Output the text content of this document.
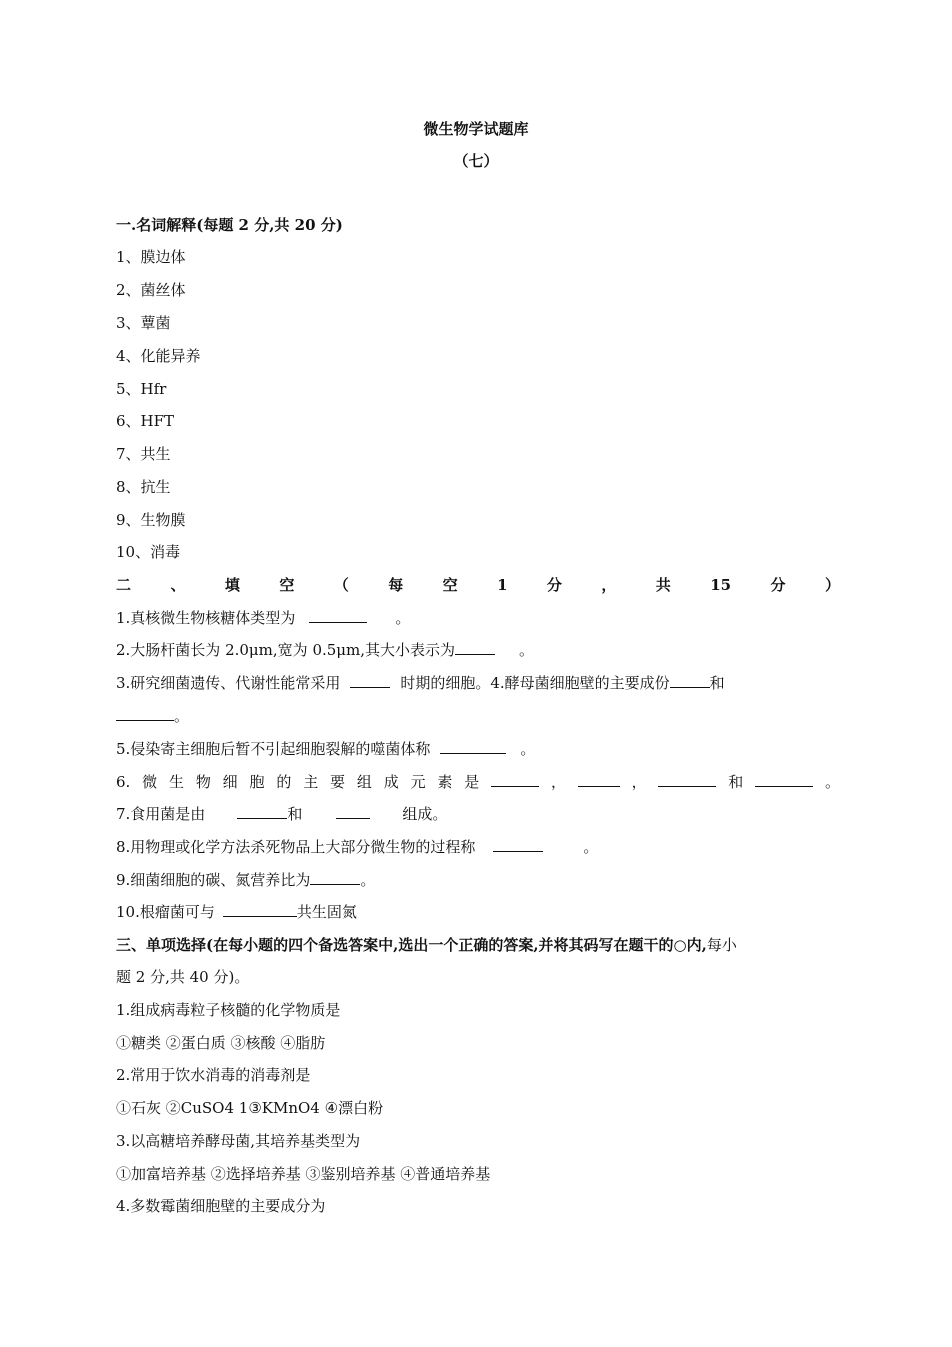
微生物学试题库
（七）
一.名词解释(每题 2 分,共 20 分)
1、膜边体
2、菌丝体
3、蕈菌
4、化能异养
5、Hfr
6、HFT
7、共生
8、抗生
9、生物膜
10、消毒
二	、	填	空	（	每	空	1	分	，	共	15	分	）
1.真核微生物核糖体类型为	。
2.大肠杆菌长为 2.0μm,宽为 0.5μm,其大小表示为	。
3.研究细菌遗传、代谢性能常采用	时期的细胞。4.酵母菌细胞壁的主要成份	和
。
5.侵染寄主细胞后暂不引起细胞裂解的噬菌体称	。
6. 微 生 物 细 胞 的 主 要 组 成 元 素 是	，	，	和	。
7.食用菌是由	和	组成。
8.用物理或化学方法杀死物品上大部分微生物的过程称	。
9.细菌细胞的碳、氮营养比为	。
10.根瘤菌可与	共生固氮
三、单项选择(在每小题的四个备选答案中,选出一个正确的答案,并将其码写在题干的○内,每小
题 2 分,共 40 分)。
1.组成病毒粒子核髓的化学物质是
①糖类 ②蛋白质 ③核酸 ④脂肪
2.常用于饮水消毒的消毒剂是
①石灰 ②CuSO4 1③KMnO4 ④漂白粉
3.以高糖培养酵母菌,其培养基类型为
①加富培养基 ②选择培养基 ③鉴别培养基 ④普通培养基
4.多数霉菌细胞壁的主要成分为
